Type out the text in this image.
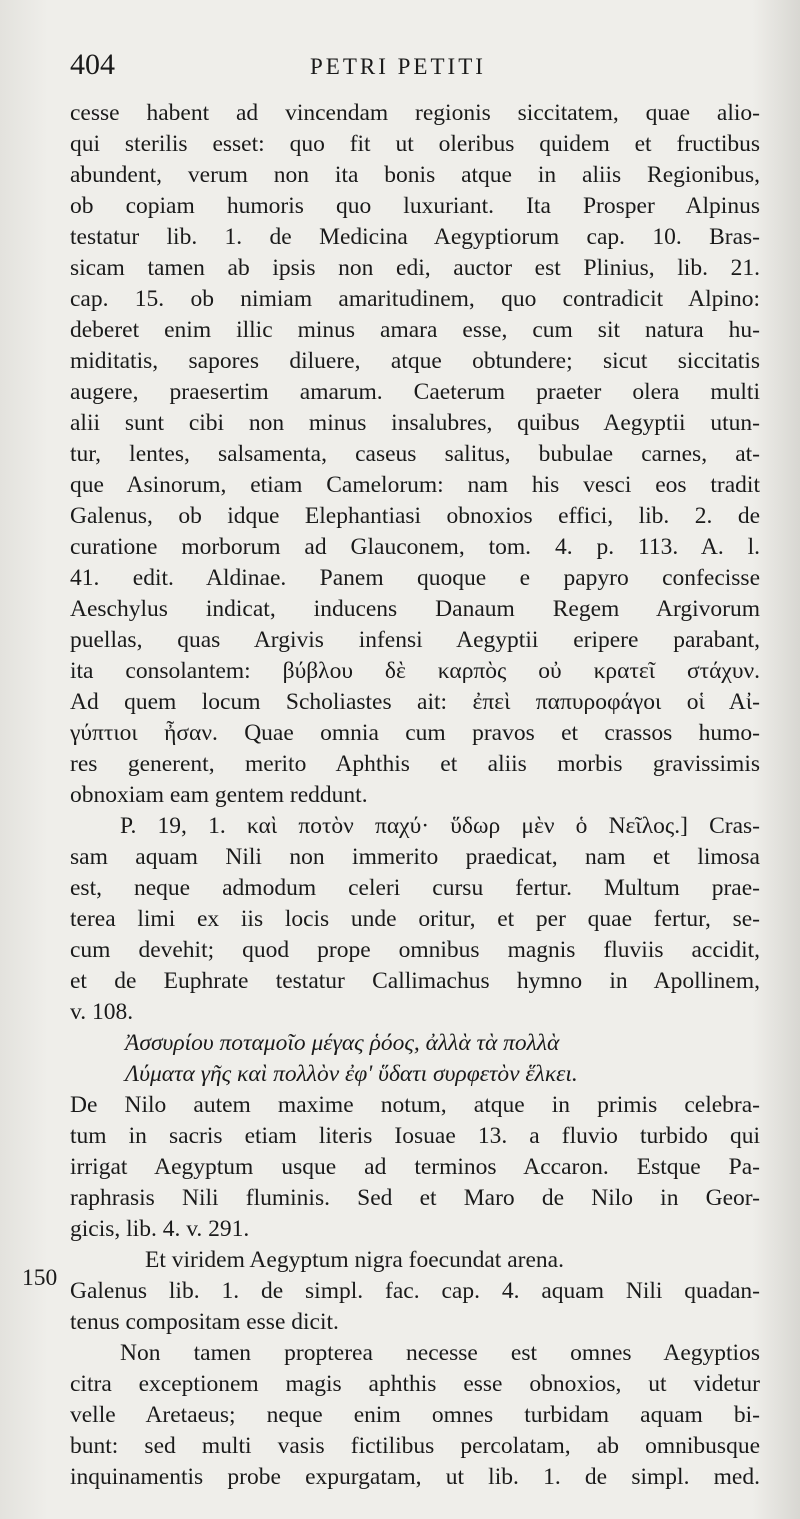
404	PETRI PETITI
cesse habent ad vincendam regionis siccitatem, quae alio-
qui sterilis esset: quo fit ut oleribus quidem et fructibus
abundent, verum non ita bonis atque in aliis Regionibus,
ob copiam humoris quo luxuriant. Ita Prosper Alpinus
testatur lib. 1. de Medicina Aegyptiorum cap. 10. Bras-
sicam tamen ab ipsis non edi, auctor est Plinius, lib. 21.
cap. 15. ob nimiam amaritudinem, quo contradicit Alpino:
deberet enim illic minus amara esse, cum sit natura hu-
miditatis, sapores diluere, atque obtundere; sicut siccitatis
augere, praesertim amarum. Caeterum praeter olera multi
alii sunt cibi non minus insalubres, quibus Aegyptii utun-
tur, lentes, salsamenta, caseus salitus, bubulae carnes, at-
que Asinorum, etiam Camelorum: nam his vesci eos tradit
Galenus, ob idque Elephantiasi obnoxios effici, lib. 2. de
curatione morborum ad Glauconem, tom. 4. p. 113. A. l.
41. edit. Aldinae. Panem quoque e papyro confecisse
Aeschylus indicat, inducens Danaum Regem Argivorum
puellas, quas Argivis infensi Aegyptii eripere parabant,
ita consolantem: βύβλου δὲ καρπὸς οὐ κρατεῖ στάχυν.
Ad quem locum Scholiastes ait: ἐπεὶ παπυροφάγοι οἱ Αἰ-
γύπτιοι ἦσαν. Quae omnia cum pravos et crassos humo-
res generent, merito Aphthis et aliis morbis gravissimis
obnoxiam eam gentem reddunt.
P. 19, 1. καὶ ποτὸν παχύ· ὕδωρ μὲν ὁ Νεῖλος.] Cras-
sam aquam Nili non immerito praedicat, nam et limosa
est, neque admodum celeri cursu fertur. Multum prae-
terea limi ex iis locis unde oritur, et per quae fertur, se-
cum devehit; quod prope omnibus magnis fluviis accidit,
et de Euphrate testatur Callimachus hymno in Apollinem,
v. 108.
Ἀσσυρίου ποταμοῖο μέγας ῥόος, ἀλλὰ τὰ πολλὰ
Λύματα γῆς καὶ πολλὸν ἐφ' ὕδατι συρφετὸν ἕλκει.
De Nilo autem maxime notum, atque in primis celebra-
tum in sacris etiam literis Iosuae 13. a fluvio turbido qui
irrigat Aegyptum usque ad terminos Accaron. Estque Pa-
raphrasis Nili fluminis. Sed et Maro de Nilo in Geor-
gicis, lib. 4. v. 291.
Et viridem Aegyptum nigra foecundat arena.
Galenus lib. 1. de simpl. fac. cap. 4. aquam Nili quadan-
tenus compositam esse dicit.
Non tamen propterea necesse est omnes Aegyptios
citra exceptionem magis aphthis esse obnoxios, ut videtur
velle Aretaeus; neque enim omnes turbidam aquam bi-
bunt: sed multi vasis fictilibus percolatam, ab omnibusque
inquinamentis probe expurgatam, ut lib. 1. de simpl. med.
150
